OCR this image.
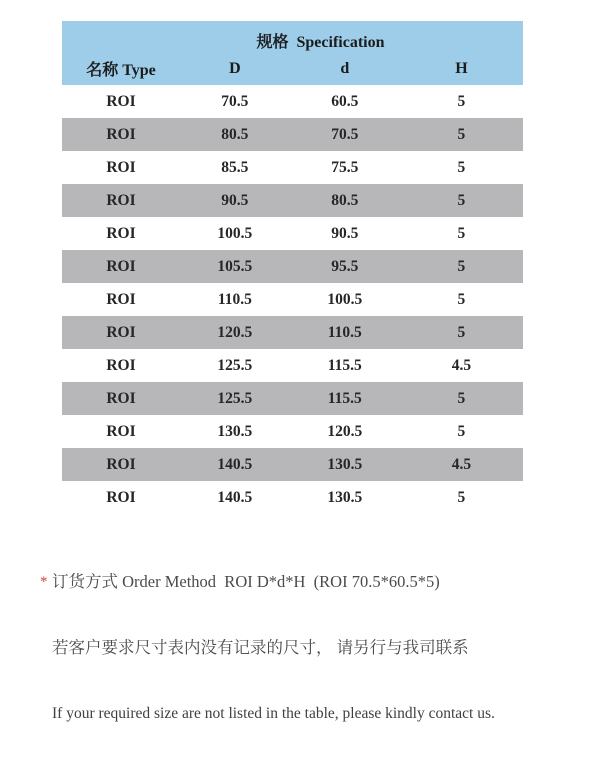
规格  Specification
名称 Type	D	d	H
ROI	70.5	60.5	5
ROI	80.5	70.5	5
ROI	85.5	75.5	5
ROI	90.5	80.5	5
ROI	100.5	90.5	5
ROI	105.5	95.5	5
ROI	110.5	100.5	5
ROI	120.5	110.5	5
ROI	125.5	115.5	4.5
ROI	125.5	115.5	5
ROI	130.5	120.5	5
ROI	140.5	130.5	4.5
ROI	140.5	130.5	5

* 订货方式 Order Method  ROI D*d*H  (ROI 70.5*60.5*5)

若客户要求尺寸表内没有记录的尺寸， 请另行与我司联系

If your required size are not listed in the table, please kindly contact us.
